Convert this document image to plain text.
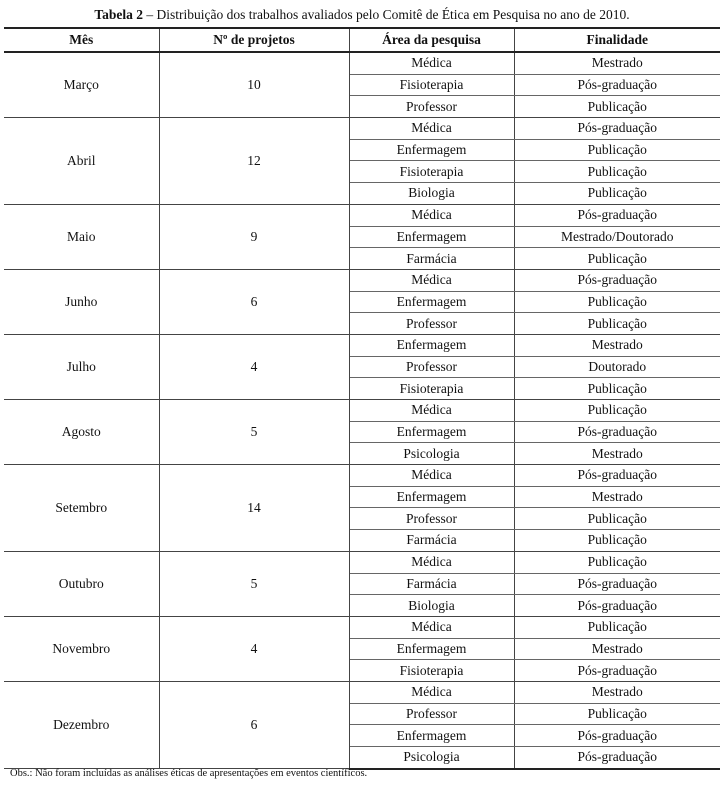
Tabela 2 – Distribuição dos trabalhos avaliados pelo Comitê de Ética em Pesquisa no ano de 2010.
Mês	Nº de projetos	Área da pesquisa	Finalidade
Março	10	Médica	Mestrado
		Fisioterapia	Pós-graduação
		Professor	Publicação
Abril	12	Médica	Pós-graduação
		Enfermagem	Publicação
		Fisioterapia	Publicação
		Biologia	Publicação
Maio	9	Médica	Pós-graduação
		Enfermagem	Mestrado/Doutorado
		Farmácia	Publicação
Junho	6	Médica	Pós-graduação
		Enfermagem	Publicação
		Professor	Publicação
Julho	4	Enfermagem	Mestrado
		Professor	Doutorado
		Fisioterapia	Publicação
Agosto	5	Médica	Publicação
		Enfermagem	Pós-graduação
		Psicologia	Mestrado
Setembro	14	Médica	Pós-graduação
		Enfermagem	Mestrado
		Professor	Publicação
		Farmácia	Publicação
Outubro	5	Médica	Publicação
		Farmácia	Pós-graduação
		Biologia	Pós-graduação
Novembro	4	Médica	Publicação
		Enfermagem	Mestrado
		Fisioterapia	Pós-graduação
Dezembro	6	Médica	Mestrado
		Professor	Publicação
		Enfermagem	Pós-graduação
		Psicologia	Pós-graduação
Obs.: Não foram incluídas as análises éticas de apresentações em eventos científicos.
